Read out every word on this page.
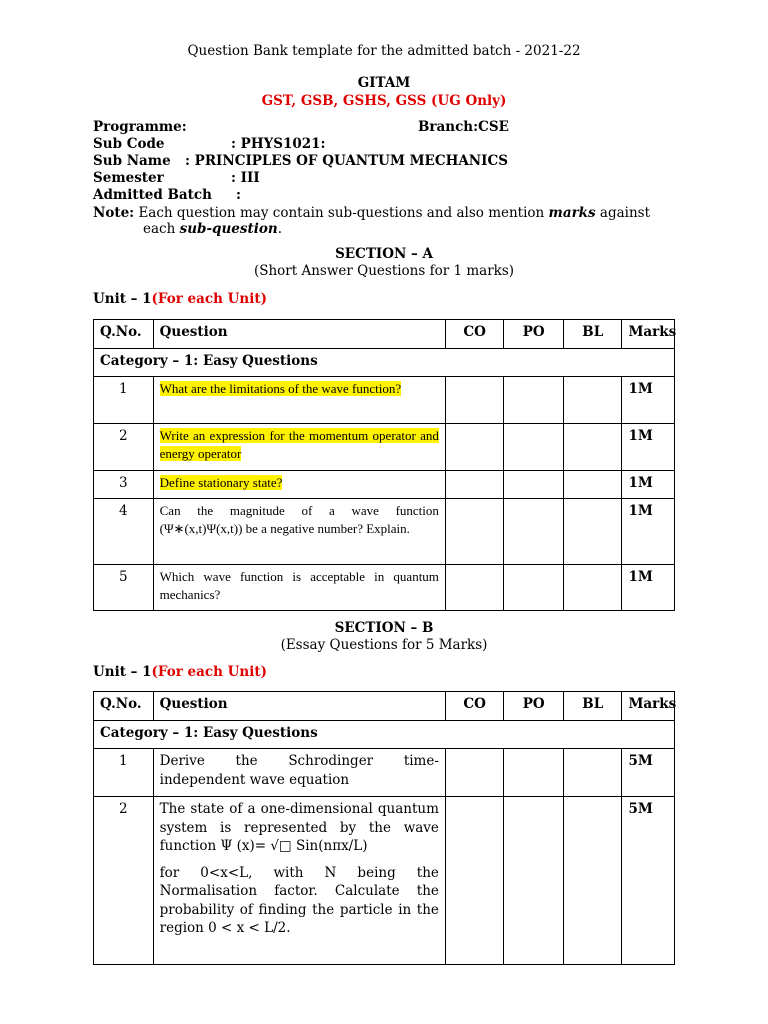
Question Bank template for the admitted batch - 2021-22
GITAM
GST, GSB, GSHS, GSS (UG Only)
Programme:	Branch:CSE
Sub Code	: PHYS1021:
Sub Name : PRINCIPLES OF QUANTUM MECHANICS
Semester	: III
Admitted Batch :
Note: Each question may contain sub-questions and also mention marks against
each sub-question.
SECTION – A
(Short Answer Questions for 1 marks)
Unit – 1(For each Unit)
Q.No.	Question	CO	PO	BL	Marks
Category – 1: Easy Questions					
1	What are the limitations of the wave function?				1M
2	Write an expression for the momentum operator and energy operator				1M
3	Define stationary state?				1M
4	Can the magnitude of a wave function (Ψ∗(x,t)Ψ(x,t)) be a negative number? Explain.				1M
5	Which wave function is acceptable in quantum mechanics?				1M
SECTION – B
(Essay Questions for 5 Marks)
Unit – 1(For each Unit)
Q.No.	Question	CO	PO	BL	Marks
Category – 1: Easy Questions					
1	Derive the Schrodinger time-independent wave equation				5M
2	The state of a one-dimensional quantum system is represented by the wave function Ψ (x)= √□ Sin(nπx/L)
for 0<x<L, with N being the Normalisation factor. Calculate the probability of finding the particle in the region 0 < x < L/2.				5M
